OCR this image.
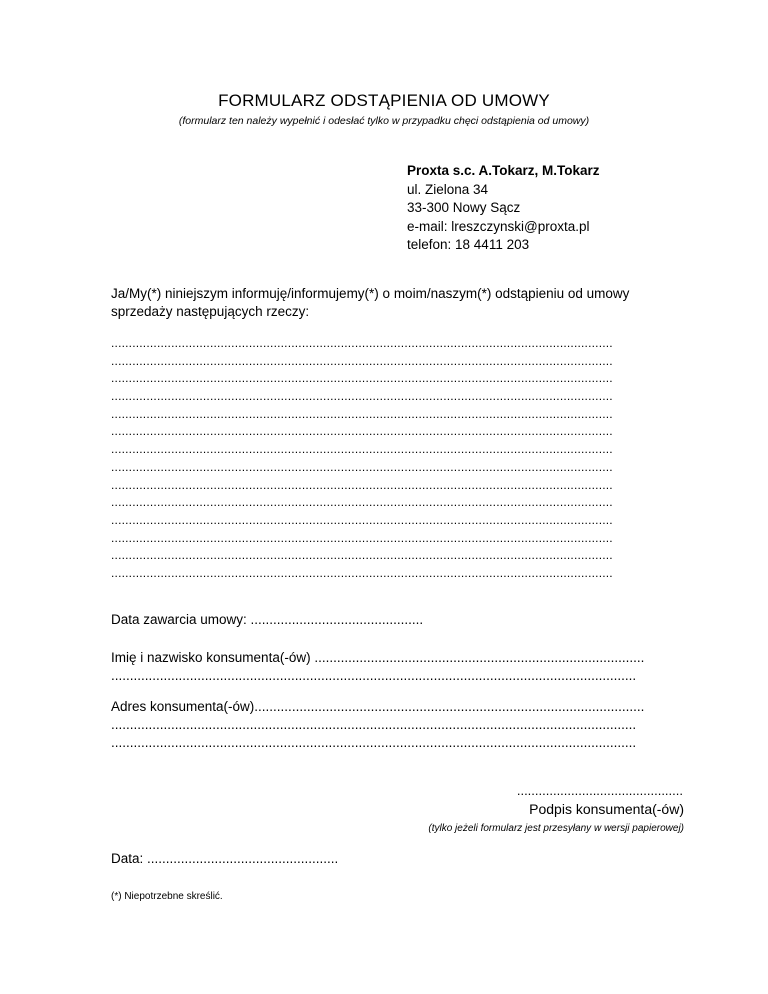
FORMULARZ ODSTĄPIENIA OD UMOWY
(formularz ten należy wypełnić i odesłać tylko w przypadku chęci odstąpienia od umowy)
Proxta s.c. A.Tokarz, M.Tokarz
ul. Zielona 34
33-300 Nowy Sącz
e-mail: lreszczynski@proxta.pl
telefon: 18 4411 203
Ja/My(*) niniejszym informuję/informujemy(*) o moim/naszym(*) odstąpieniu od umowy sprzedaży następujących rzeczy:
..............................................................................................................................................
..............................................................................................................................................
..............................................................................................................................................
..............................................................................................................................................
..............................................................................................................................................
..............................................................................................................................................
..............................................................................................................................................
..............................................................................................................................................
..............................................................................................................................................
..............................................................................................................................................
..............................................................................................................................................
..............................................................................................................................................
..............................................................................................................................................
..............................................................................................................................................
Data zawarcia umowy: ..............................................
Imię i nazwisko konsumenta(-ów) ........................................................................................
............................................................................................................................................
Adres konsumenta(-ów)........................................................................................................
............................................................................................................................................
............................................................................................................................................
..............................................
Podpis konsumenta(-ów)
(tylko jeżeli formularz jest przesyłany w wersji papierowej)
Data: ...................................................
(*) Niepotrzebne skreślić.
